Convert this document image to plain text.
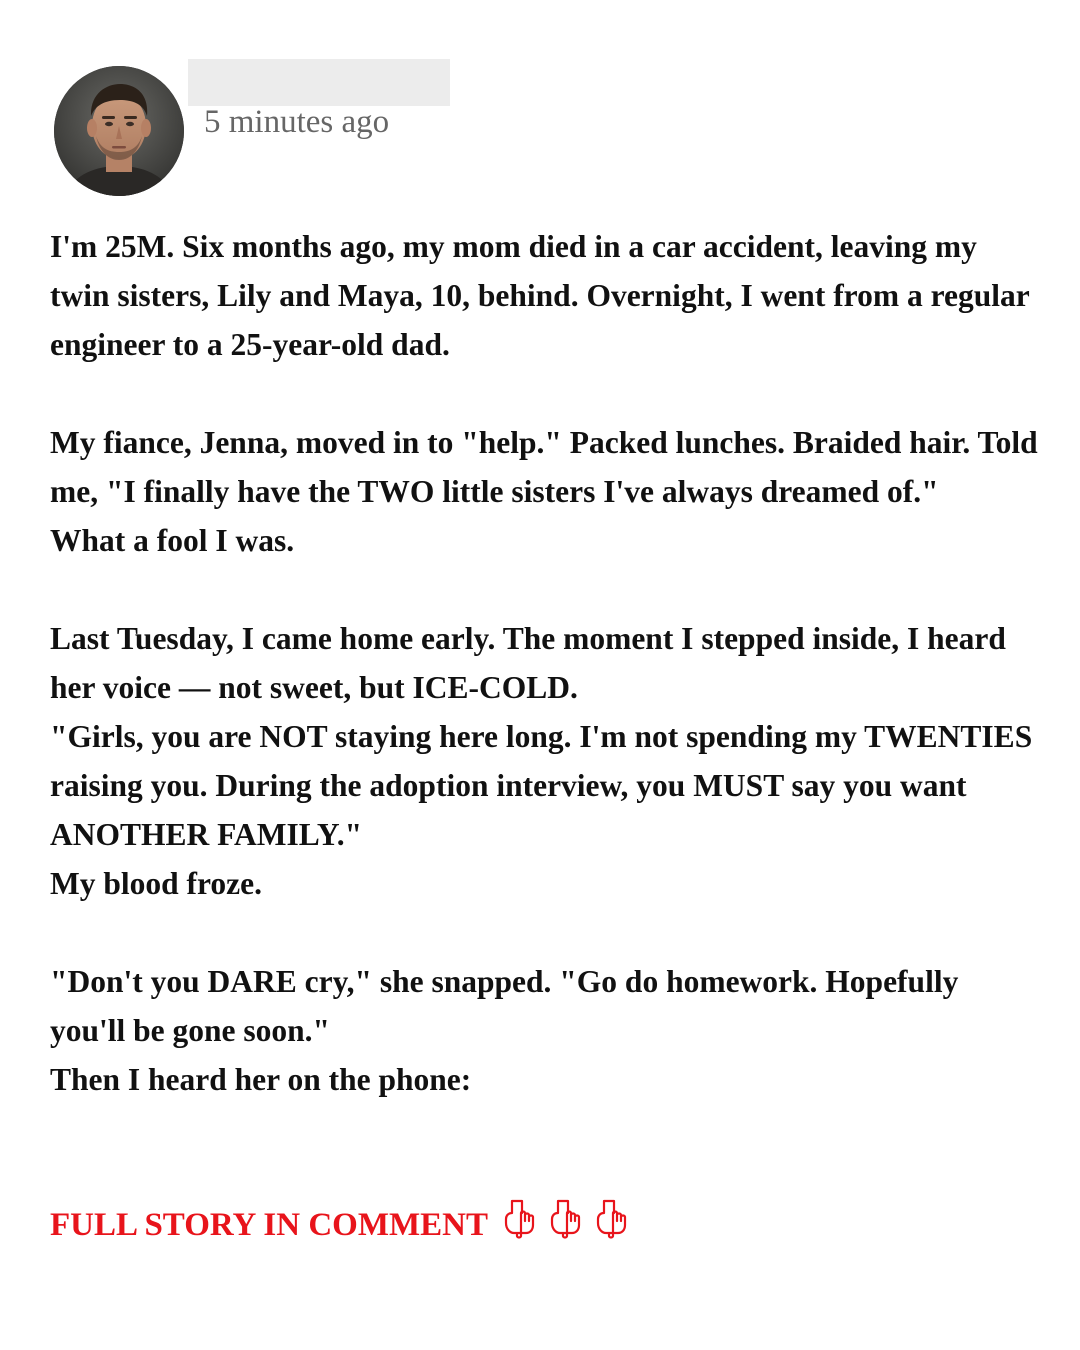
5 minutes ago

I'm 25M. Six months ago, my mom died in a car accident, leaving my twin sisters, Lily and Maya, 10, behind. Overnight, I went from a regular engineer to a 25-year-old dad.

My fiance, Jenna, moved in to "help." Packed lunches. Braided hair. Told me, "I finally have the TWO little sisters I've always dreamed of."
What a fool I was.

Last Tuesday, I came home early. The moment I stepped inside, I heard her voice — not sweet, but ICE-COLD.
"Girls, you are NOT staying here long. I'm not spending my TWENTIES raising you. During the adoption interview, you MUST say you want ANOTHER FAMILY."
My blood froze.

"Don't you DARE cry," she snapped. "Go do homework. Hopefully you'll be gone soon."
Then I heard her on the phone:

FULL STORY IN COMMENT
